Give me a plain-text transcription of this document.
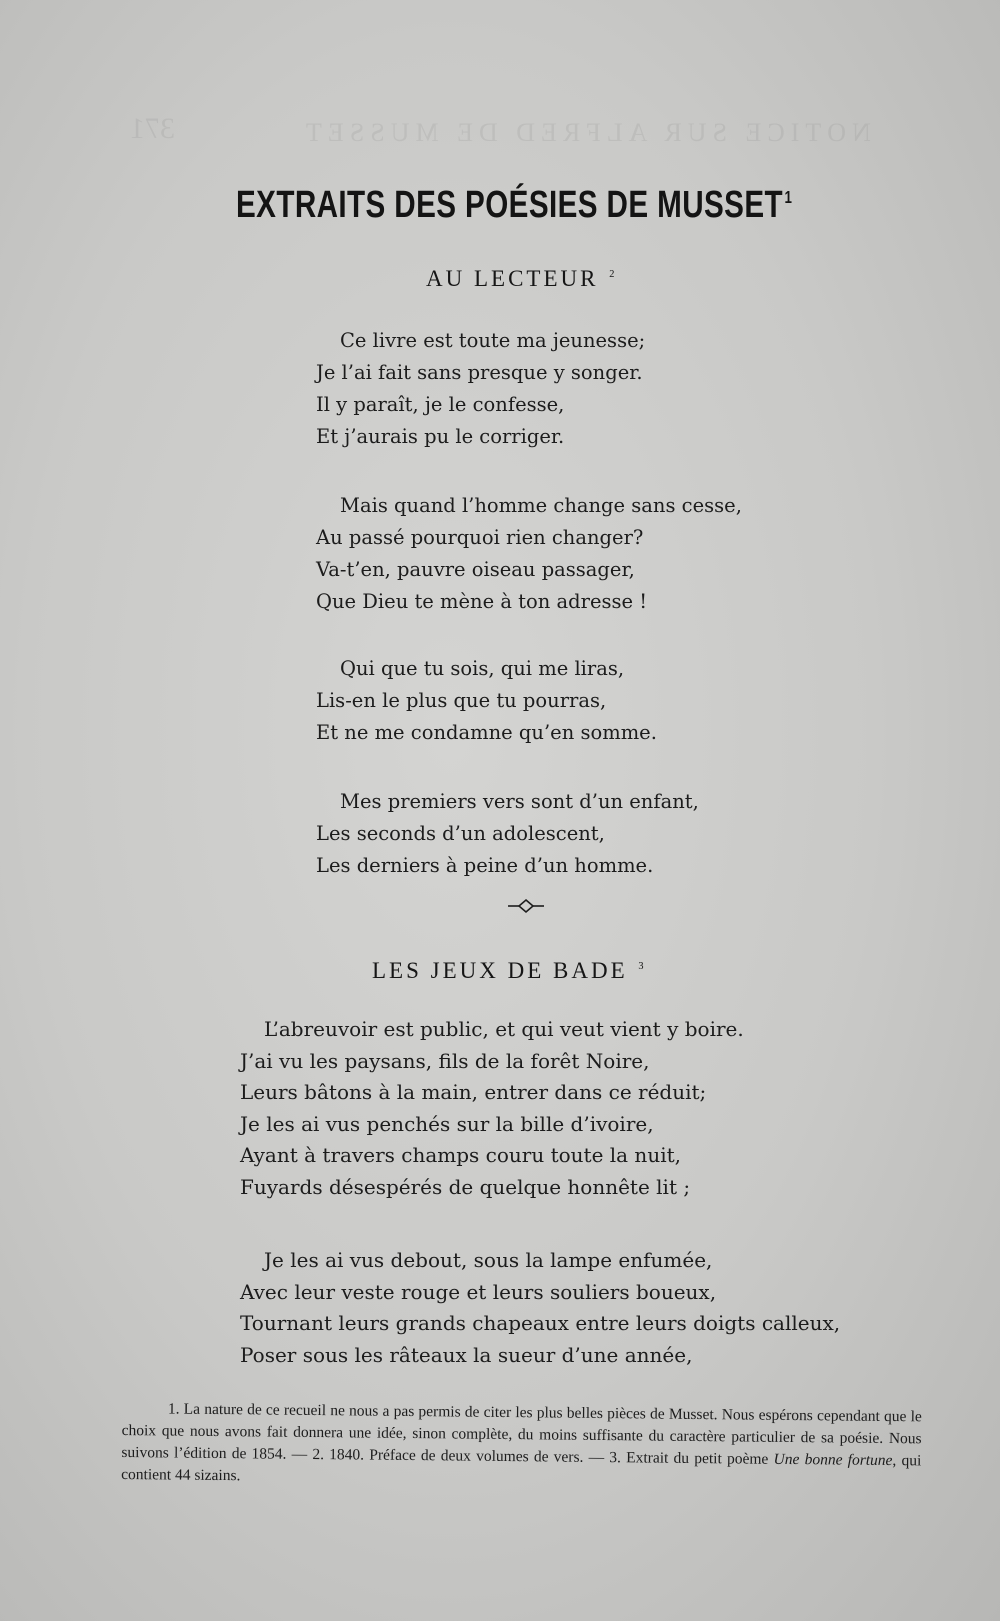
371	NOTICE SUR ALFRED DE MUSSET
EXTRAITS DES POÉSIES DE MUSSET$^1$
AU LECTEUR $^2$
Ce livre est toute ma jeunesse;
Je l’ai fait sans presque y songer.
Il y paraît, je le confesse,
Et j’aurais pu le corriger.
Mais quand l’homme change sans cesse,
Au passé pourquoi rien changer?
Va-t’en, pauvre oiseau passager,
Que Dieu te mène à ton adresse !
Qui que tu sois, qui me liras,
Lis-en le plus que tu pourras,
Et ne me condamne qu’en somme.
Mes premiers vers sont d’un enfant,
Les seconds d’un adolescent,
Les derniers à peine d’un homme.
LES JEUX DE BADE $^3$
L’abreuvoir est public, et qui veut vient y boire.
J’ai vu les paysans, fils de la forêt Noire,
Leurs bâtons à la main, entrer dans ce réduit;
Je les ai vus penchés sur la bille d’ivoire,
Ayant à travers champs couru toute la nuit,
Fuyards désespérés de quelque honnête lit ;
Je les ai vus debout, sous la lampe enfumée,
Avec leur veste rouge et leurs souliers boueux,
Tournant leurs grands chapeaux entre leurs doigts calleux,
Poser sous les râteaux la sueur d’une année,

1. La nature de ce recueil ne nous a pas permis de citer les plus belles pièces de Musset. Nous espérons cependant que le choix que nous avons fait donnera une idée, sinon complète, du moins suffisante du caractère particulier de sa poésie. Nous suivons l’édition de 1854. — 2. 1840. Préface de deux volumes de vers. — 3. Extrait du petit poème Une bonne fortune, qui contient 44 sizains.
